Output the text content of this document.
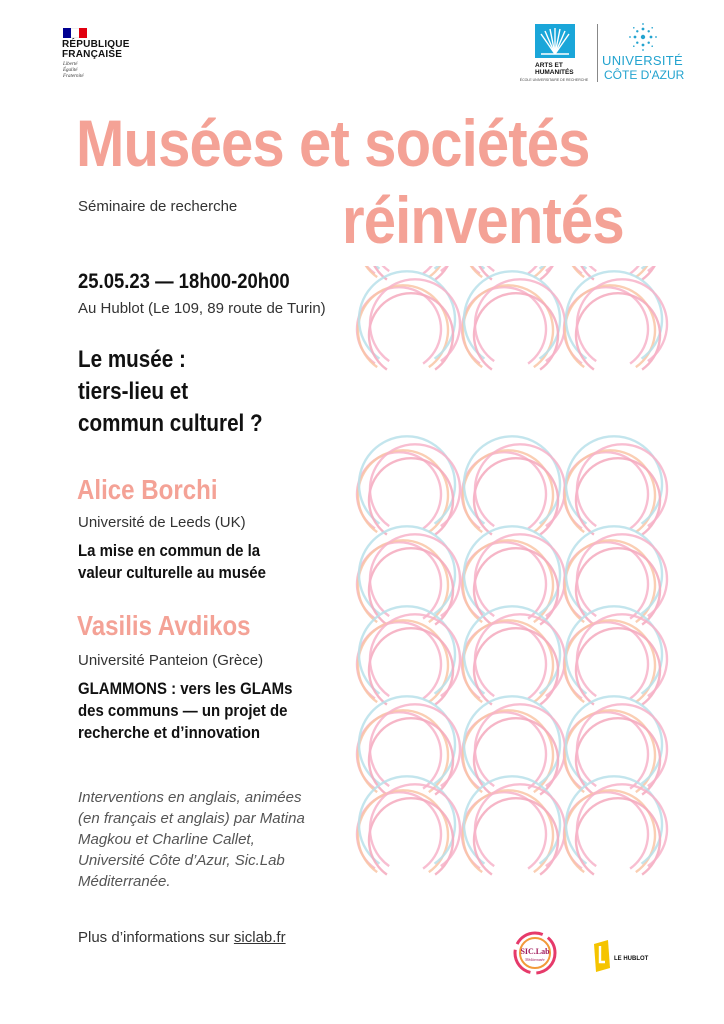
RÉPUBLIQUE
FRANÇAISE
Liberté
Égalité
Fraternité
ARTS ET
HUMANITÉS
ÉCOLE UNIVERSITAIRE DE RECHERCHE
UNIVERSITÉ
CÔTE D'AZUR
Musées et sociétés
réinventés
Séminaire de recherche
25.05.23 — 18h00-20h00
Au Hublot (Le 109, 89 route de Turin)
Le musée :
tiers-lieu et
commun culturel ?
Alice Borchi
Université de Leeds (UK)
La mise en commun de la
valeur culturelle au musée
Vasilis Avdikos
Université Panteion (Grèce)
GLAMMONS : vers les GLAMs
des communs — un projet de
recherche et d’innovation
Interventions en anglais, animées
(en français et anglais) par Matina
Magkou et Charline Callet,
Université Côte d’Azur, Sic.Lab
Méditerranée.
Plus d’informations sur siclab.fr
SIC.Lab
Méditerranée	LE HUBLOT
